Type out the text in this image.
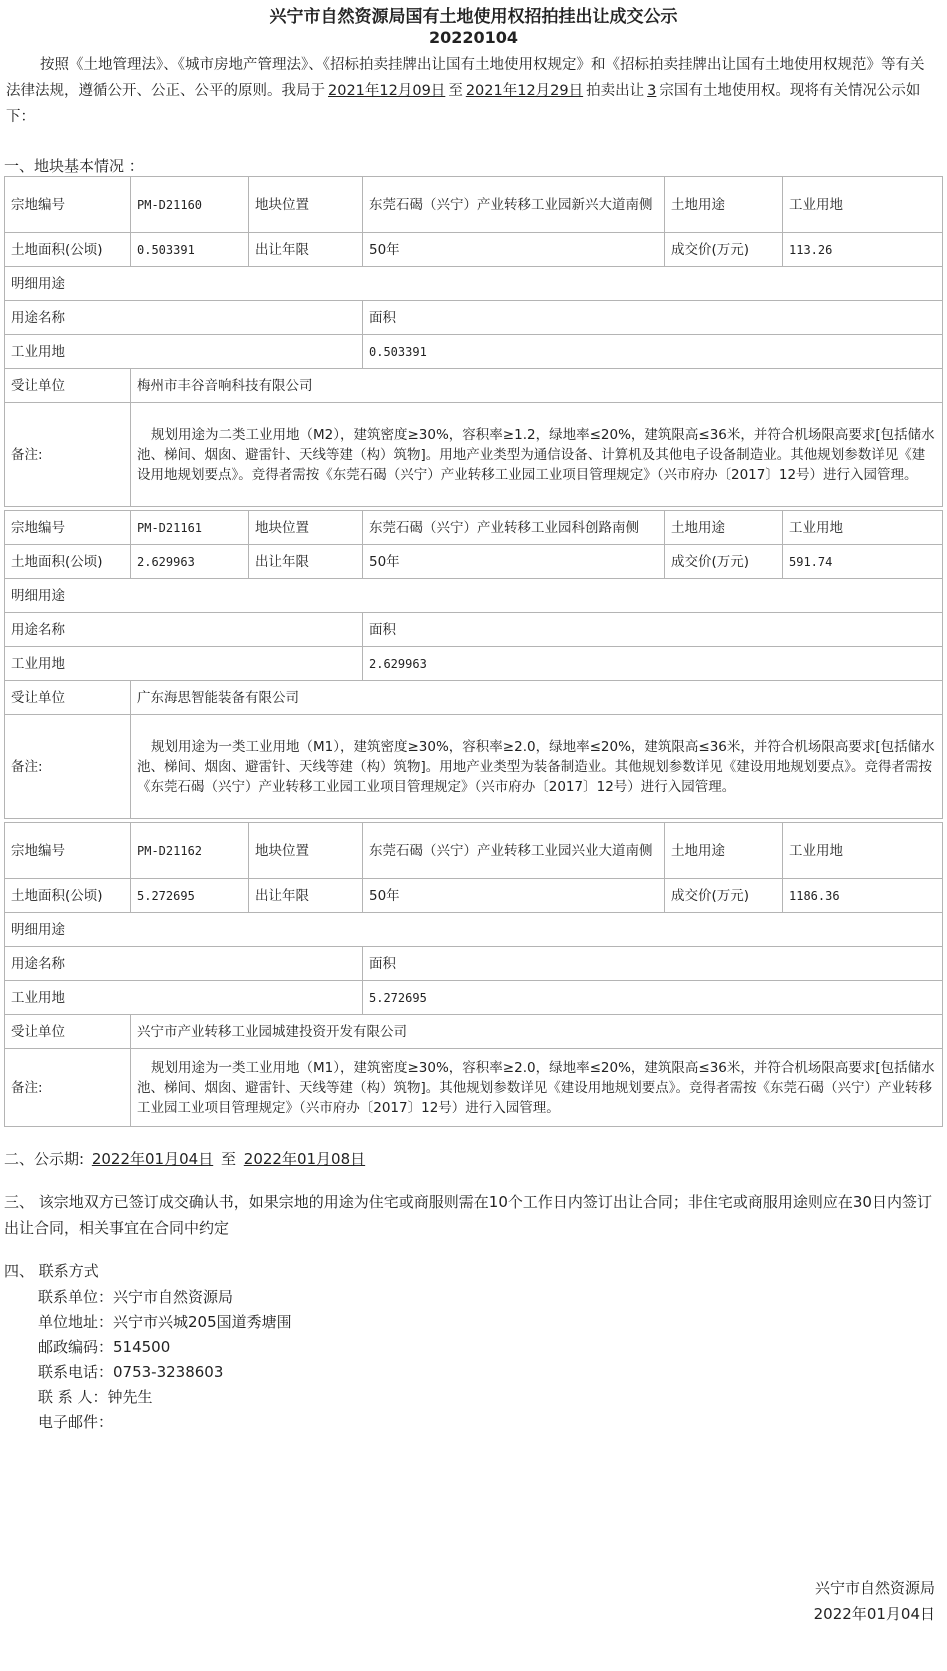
兴宁市自然资源局国有土地使用权招拍挂出让成交公示
20220104
按照《土地管理法》、《城市房地产管理法》、《招标拍卖挂牌出让国有土地使用权规定》和《招标拍卖挂牌出让国有土地使用权规范》等有关法律法规，遵循公开、公正、公平的原则。我局于 2021年12月09日 至 2021年12月29日 拍卖出让 3 宗国有土地使用权。现将有关情况公示如下：
一、地块基本情况 ：
宗地编号	PM-D21160	地块位置	东莞石碣（兴宁）产业转移工业园新兴大道南侧	土地用途	工业用地
土地面积(公顷)	0.503391	出让年限	50年	成交价(万元)	113.26
明细用途					
用途名称			面积		
工业用地			0.503391		
受让单位	梅州市丰谷音响科技有限公司				
备注:	规划用途为二类工业用地（M2），建筑密度≥30%，容积率≥1.2，绿地率≤20%，建筑限高≤36米，并符合机场限高要求[包括储水池、梯间、烟囱、避雷针、天线等建（构）筑物]。用地产业类型为通信设备、计算机及其他电子设备制造业。其他规划参数详见《建设用地规划要点》。竞得者需按《东莞石碣（兴宁）产业转移工业园工业项目管理规定》（兴市府办〔2017〕12号）进行入园管理。				
宗地编号	PM-D21161	地块位置	东莞石碣（兴宁）产业转移工业园科创路南侧	土地用途	工业用地
土地面积(公顷)	2.629963	出让年限	50年	成交价(万元)	591.74
明细用途					
用途名称			面积		
工业用地			2.629963		
受让单位	广东海思智能装备有限公司				
备注:	规划用途为一类工业用地（M1），建筑密度≥30%，容积率≥2.0，绿地率≤20%，建筑限高≤36米，并符合机场限高要求[包括储水池、梯间、烟囱、避雷针、天线等建（构）筑物]。用地产业类型为装备制造业。其他规划参数详见《建设用地规划要点》。竞得者需按《东莞石碣（兴宁）产业转移工业园工业项目管理规定》（兴市府办〔2017〕12号）进行入园管理。				
宗地编号	PM-D21162	地块位置	东莞石碣（兴宁）产业转移工业园兴业大道南侧	土地用途	工业用地
土地面积(公顷)	5.272695	出让年限	50年	成交价(万元)	1186.36
明细用途					
用途名称			面积		
工业用地			5.272695		
受让单位	兴宁市产业转移工业园城建投资开发有限公司				
备注:	规划用途为一类工业用地（M1），建筑密度≥30%，容积率≥2.0，绿地率≤20%，建筑限高≤36米，并符合机场限高要求[包括储水池、梯间、烟囱、避雷针、天线等建（构）筑物]。其他规划参数详见《建设用地规划要点》。竞得者需按《东莞石碣（兴宁）产业转移工业园工业项目管理规定》（兴市府办〔2017〕12号）进行入园管理。				
二、公示期: 2022年01月04日 至 2022年01月08日
三、 该宗地双方已签订成交确认书，如果宗地的用途为住宅或商服则需在10个工作日内签订出让合同；非住宅或商服用途则应在30日内签订出让合同，相关事宜在合同中约定
四、 联系方式
联系单位：兴宁市自然资源局
单位地址：兴宁市兴城205国道秀塘围
邮政编码：514500
联系电话：0753-3238603
联 系 人：钟先生
电子邮件：
兴宁市自然资源局
2022年01月04日
